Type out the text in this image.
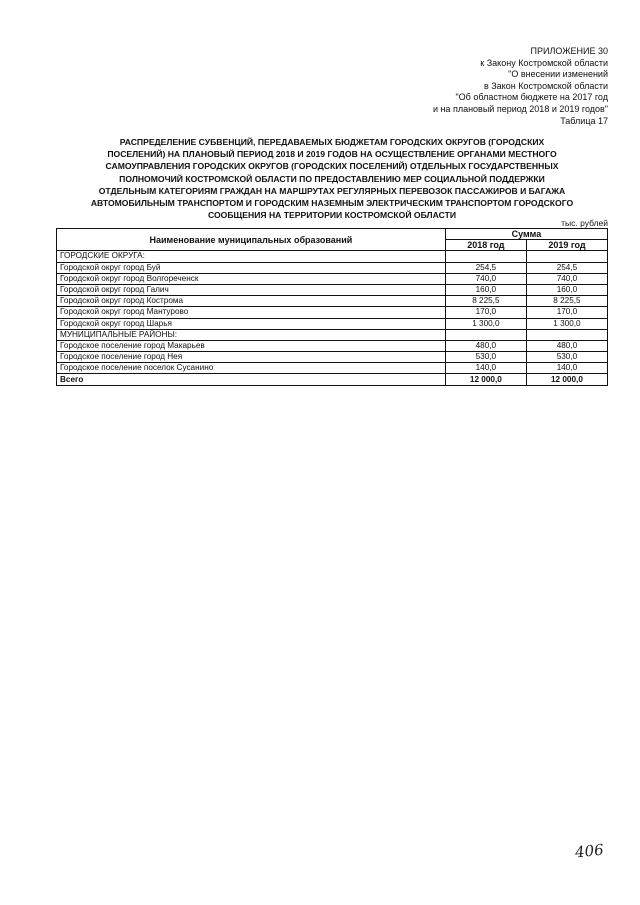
ПРИЛОЖЕНИЕ 30
к Закону Костромской области
"О внесении изменений
в Закон Костромской области
"Об областном бюджете на 2017 год
и на плановый период 2018 и 2019 годов"
Таблица 17
РАСПРЕДЕЛЕНИЕ СУБВЕНЦИЙ, ПЕРЕДАВАЕМЫХ БЮДЖЕТАМ ГОРОДСКИХ ОКРУГОВ (ГОРОДСКИХ
ПОСЕЛЕНИЙ) НА ПЛАНОВЫЙ ПЕРИОД 2018 И 2019 ГОДОВ НА ОСУЩЕСТВЛЕНИЕ ОРГАНАМИ МЕСТНОГО
САМОУПРАВЛЕНИЯ ГОРОДСКИХ ОКРУГОВ (ГОРОДСКИХ ПОСЕЛЕНИЙ) ОТДЕЛЬНЫХ ГОСУДАРСТВЕННЫХ
ПОЛНОМОЧИЙ КОСТРОМСКОЙ ОБЛАСТИ ПО ПРЕДОСТАВЛЕНИЮ МЕР СОЦИАЛЬНОЙ ПОДДЕРЖКИ
ОТДЕЛЬНЫМ КАТЕГОРИЯМ ГРАЖДАН НА МАРШРУТАХ РЕГУЛЯРНЫХ ПЕРЕВОЗОК ПАССАЖИРОВ И БАГАЖА
АВТОМОБИЛЬНЫМ ТРАНСПОРТОМ И ГОРОДСКИМ НАЗЕМНЫМ ЭЛЕКТРИЧЕСКИМ ТРАНСПОРТОМ ГОРОДСКОГО
СООБЩЕНИЯ НА ТЕРРИТОРИИ КОСТРОМСКОЙ ОБЛАСТИ
тыс. рублей
Наименование муниципальных образований	Сумма	
	2018 год	2019 год
ГОРОДСКИЕ ОКРУГА:		
Городской округ город Буй	254,5	254,5
Городской округ город Волгореченск	740,0	740,0
Городской округ город Галич	160,0	160,0
Городской округ город Кострома	8 225,5	8 225,5
Городской округ город Мантурово	170,0	170,0
Городской округ город Шарья	1 300,0	1 300,0
МУНИЦИПАЛЬНЫЕ РАЙОНЫ:		
Городское поселение город Макарьев	480,0	480,0
Городское поселение город Нея	530,0	530,0
Городское поселение поселок Сусанино	140,0	140,0
Всего	12 000,0	12 000,0
406
